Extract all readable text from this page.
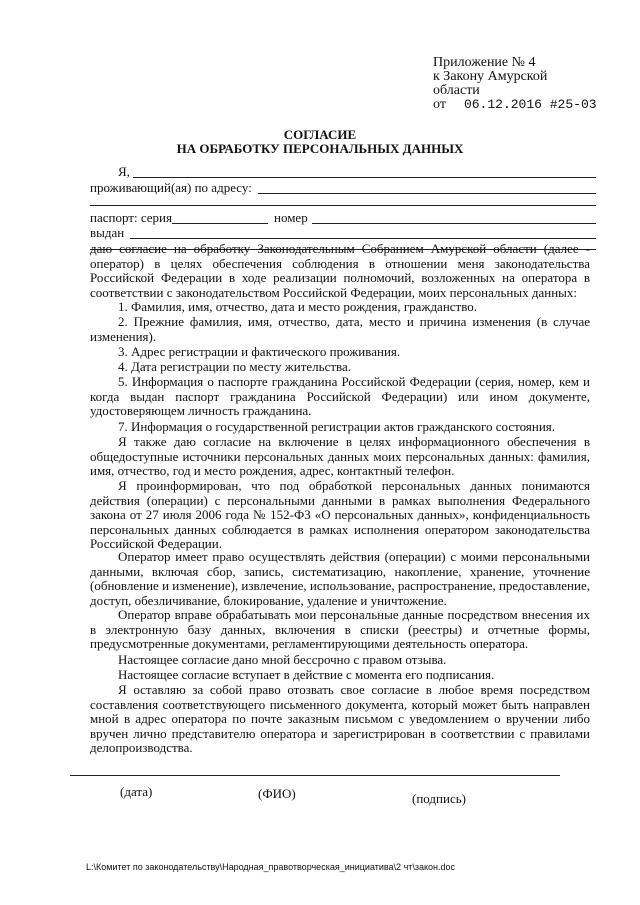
Приложение № 4
к Закону Амурской
области
от 06.12.2016 #25-03
СОГЛАСИЕ
НА ОБРАБОТКУ ПЕРСОНАЛЬНЫХ ДАННЫХ
Я,
проживающий(ая) по адресу:
паспорт: серия	номер
выдан
даю согласие на обработку Законодательным Собранием Амурской области (далее - оператор) в целях обеспечения соблюдения в отношении меня законодательства Российской Федерации в ходе реализации полномочий, возложенных на оператора в соответствии с законодательством Российской Федерации, моих персональных данных:
1. Фамилия, имя, отчество, дата и место рождения, гражданство.
2. Прежние фамилия, имя, отчество, дата, место и причина изменения (в случае изменения).
3. Адрес регистрации и фактического проживания.
4. Дата регистрации по месту жительства.
5. Информация о паспорте гражданина Российской Федерации (серия, номер, кем и когда выдан паспорт гражданина Российской Федерации) или ином документе, удостоверяющем личность гражданина.
7. Информация о государственной регистрации актов гражданского состояния.
Я также даю согласие на включение в целях информационного обеспечения в общедоступные источники персональных данных моих персональных данных: фамилия, имя, отчество, год и место рождения, адрес, контактный телефон.
Я проинформирован, что под обработкой персональных данных понимаются действия (операции) с персональными данными в рамках выполнения Федерального закона от 27 июля 2006 года № 152-ФЗ «О персональных данных», конфиденциальность персональных данных соблюдается в рамках исполнения оператором законодательства Российской Федерации.
Оператор имеет право осуществлять действия (операции) с моими персональными данными, включая сбор, запись, систематизацию, накопление, хранение, уточнение (обновление и изменение), извлечение, использование, распространение, предоставление, доступ, обезличивание, блокирование, удаление и уничтожение.
Оператор вправе обрабатывать мои персональные данные посредством внесения их в электронную базу данных, включения в списки (реестры) и отчетные формы, предусмотренные документами, регламентирующими деятельность оператора.
Настоящее согласие дано мной бессрочно с правом отзыва.
Настоящее согласие вступает в действие с момента его подписания.
Я оставляю за собой право отозвать свое согласие в любое время посредством составления соответствующего письменного документа, который может быть направлен мной в адрес оператора по почте заказным письмом с уведомлением о вручении либо вручен лично представителю оператора и зарегистрирован в соответствии с правилами делопроизводства.
(дата)	(ФИО)	(подпись)
L:\Комитет по законодательству\Народная_правотворческая_инициатива\2 чт\закон.doc
